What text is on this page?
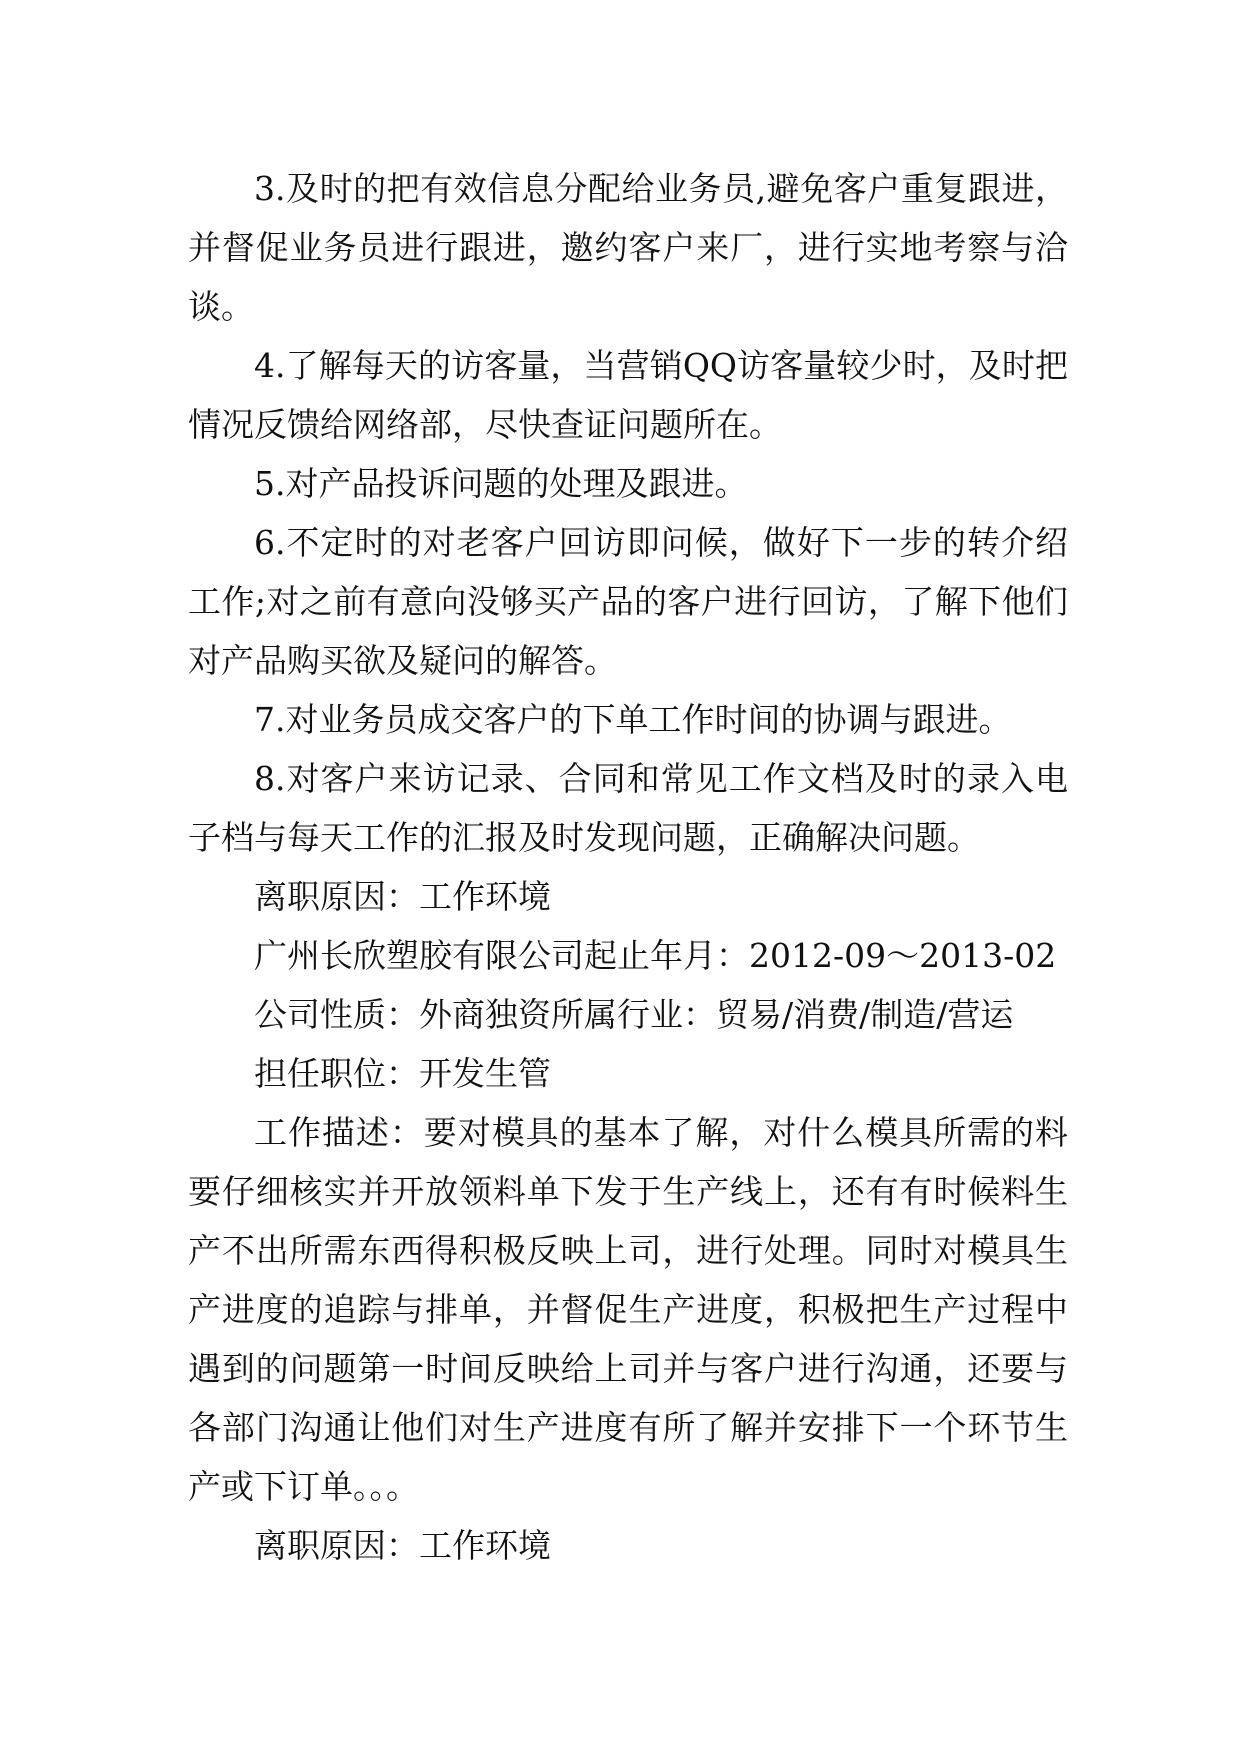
3.及时的把有效信息分配给业务员,避免客户重复跟进，并督促业务员进行跟进，邀约客户来厂，进行实地考察与洽谈。

4.了解每天的访客量，当营销QQ访客量较少时，及时把情况反馈给网络部，尽快查证问题所在。

5.对产品投诉问题的处理及跟进。

6.不定时的对老客户回访即问候，做好下一步的转介绍工作;对之前有意向没够买产品的客户进行回访，了解下他们对产品购买欲及疑问的解答。

7.对业务员成交客户的下单工作时间的协调与跟进。

8.对客户来访记录、合同和常见工作文档及时的录入电子档与每天工作的汇报及时发现问题，正确解决问题。

离职原因：工作环境

广州长欣塑胶有限公司起止年月：2012-09～2013-02

公司性质：外商独资所属行业：贸易/消费/制造/营运

担任职位：开发生管

工作描述：要对模具的基本了解，对什么模具所需的料要仔细核实并开放领料单下发于生产线上，还有有时候料生产不出所需东西得积极反映上司，进行处理。同时对模具生产进度的追踪与排单，并督促生产进度，积极把生产过程中遇到的问题第一时间反映给上司并与客户进行沟通，还要与各部门沟通让他们对生产进度有所了解并安排下一个环节生产或下订单。。。

离职原因：工作环境
